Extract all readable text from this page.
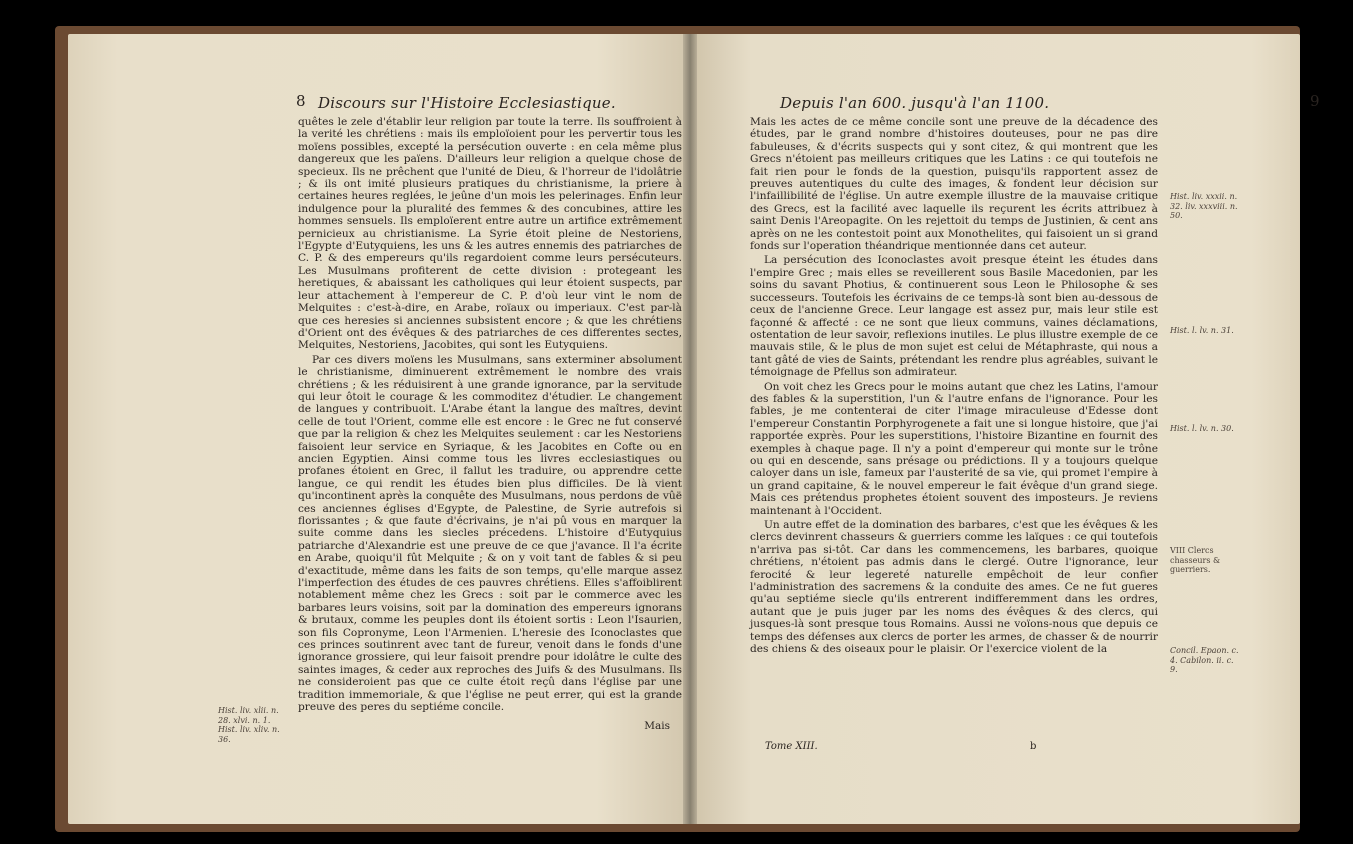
8 Discours sur l'Histoire Ecclesiastique.

quêtes le zele d'établir leur religion par toute la terre. Ils souffroient à la verité les chrétiens : mais ils emploïoient pour les pervertir tous les moïens possibles, excepté la persécution ouverte : en cela même plus dangereux que les païens. D'ailleurs leur religion a quelque chose de specieux. Ils ne prêchent que l'unité de Dieu, & l'horreur de l'idolâtrie ; & ils ont imité plusieurs pratiques du christianisme, la priere à certaines heures reglées, le jeûne d'un mois les pelerinages. Enfin leur indulgence pour la pluralité des femmes & des concubines, attire les hommes sensuels. Ils emploïerent entre autre un artifice extrêmement pernicieux au christianisme. La Syrie étoit pleine de Nestoriens, l'Egypte d'Eutyquiens, les uns & les autres ennemis des patriarches de C. P. & des empereurs qu'ils regardoient comme leurs persécuteurs. Les Musulmans profiterent de cette division : protegeant les heretiques, & abaissant les catholiques qui leur étoient suspects, par leur attachement à l'empereur de C. P. d'où leur vint le nom de Melquites : c'est-à-dire, en Arabe, roïaux ou imperiaux. C'est par-là que ces heresies si anciennes subsistent encore ; & que les chrétiens d'Orient ont des évêques & des patriarches de ces differentes sectes, Melquites, Nestoriens, Jacobites, qui sont les Eutyquiens.

Par ces divers moïens les Musulmans, sans exterminer absolument le christianisme, diminuerent extrêmement le nombre des vrais chrétiens ; & les réduisirent à une grande ignorance, par la servitude qui leur ôtoit le courage & les commoditez d'étudier. Le changement de langues y contribuoit. L'Arabe étant la langue des maîtres, devint celle de tout l'Orient, comme elle est encore : le Grec ne fut conservé que par la religion & chez les Melquites seulement : car les Nestoriens faisoient leur service en Syriaque, & les Jacobites en Cofte ou en ancien Egyptien. Ainsi comme tous les livres ecclesiastiques ou profanes étoient en Grec, il fallut les traduire, ou apprendre cette langue, ce qui rendit les études bien plus difficiles. De là vient qu'incontinent après la conquête des Musulmans, nous perdons de vûë ces anciennes églises d'Egypte, de Palestine, de Syrie autrefois si florissantes ; & que faute d'écrivains, je n'ai pû vous en marquer la suite comme dans les siecles précedens. L'histoire d'Eutyquius patriarche d'Alexandrie est une preuve de ce que j'avance. Il l'a écrite en Arabe, quoiqu'il fût Melquite ; & on y voit tant de fables & si peu d'exactitude, même dans les faits de son temps, qu'elle marque assez l'imperfection des études de ces pauvres chrétiens. Elles s'affoiblirent notablement même chez les Grecs : soit par le commerce avec les barbares leurs voisins, soit par la domination des empereurs ignorans & brutaux, comme les peuples dont ils étoient sortis : Leon l'Isaurien, son fils Copronyme, Leon l'Armenien. L'heresie des Iconoclastes que ces princes soutinrent avec tant de fureur, venoit dans le fonds d'une ignorance grossiere, qui leur faisoit prendre pour idolâtre le culte des saintes images, & ceder aux reproches des Juifs & des Musulmans. Ils ne consideroient pas que ce culte étoit reçû dans l'église par une tradition immemoriale, & que l'église ne peut errer, qui est la grande preuve des peres du septiéme concile.

Hist. liv. xlii. n. 28. xlvi. n. 1. Hist. liv. xliv. n. 36.
Mais
Depuis l'an 600. jusqu'à l'an 1100.	9

Mais les actes de ce même concile sont une preuve de la décadence des études, par le grand nombre d'histoires douteuses, pour ne pas dire fabuleuses, & d'écrits suspects qui y sont citez, & qui montrent que les Grecs n'étoient pas meilleurs critiques que les Latins : ce qui toutefois ne fait rien pour le fonds de la question, puisqu'ils rapportent assez de preuves autentiques du culte des images, & fondent leur décision sur l'infaillibilité de l'église. Un autre exemple illustre de la mauvaise critique des Grecs, est la facilité avec laquelle ils reçurent les écrits attribuez à saint Denis l'Areopagite. On les rejettoit du temps de Justinien, & cent ans après on ne les contestoit point aux Monothelites, qui faisoient un si grand fonds sur l'operation théandrique mentionnée dans cet auteur.

La persécution des Iconoclastes avoit presque éteint les études dans l'empire Grec ; mais elles se reveillerent sous Basile Macedonien, par les soins du savant Photius, & continuerent sous Leon le Philosophe & ses successeurs. Toutefois les écrivains de ce temps-là sont bien au-dessous de ceux de l'ancienne Grece. Leur langage est assez pur, mais leur stile est façonné & affecté : ce ne sont que lieux communs, vaines déclamations, ostentation de leur savoir, reflexions inutiles. Le plus illustre exemple de ce mauvais stile, & le plus de mon sujet est celui de Métaphraste, qui nous a tant gâté de vies de Saints, prétendant les rendre plus agréables, suivant le témoignage de Pfellus son admirateur.

On voit chez les Grecs pour le moins autant que chez les Latins, l'amour des fables & la superstition, l'un & l'autre enfans de l'ignorance. Pour les fables, je me contenterai de citer l'image miraculeuse d'Edesse dont l'empereur Constantin Porphyrogenete a fait une si longue histoire, que j'ai rapportée exprès. Pour les superstitions, l'histoire Bizantine en fournit des exemples à chaque page. Il n'y a point d'empereur qui monte sur le trône ou qui en descende, sans présage ou prédictions. Il y a toujours quelque caloyer dans un isle, fameux par l'austerité de sa vie, qui promet l'empire à un grand capitaine, & le nouvel empereur le fait évêque d'un grand siege. Mais ces prétendus prophetes étoient souvent des imposteurs. Je reviens maintenant à l'Occident.

Un autre effet de la domination des barbares, c'est que les évêques & les clercs devinrent chasseurs & guerriers comme les laïques : ce qui toutefois n'arriva pas si-tôt. Car dans les commencemens, les barbares, quoique chrétiens, n'étoient pas admis dans le clergé. Outre l'ignorance, leur ferocité & leur legereté naturelle empêchoit de leur confier l'administration des sacremens & la conduite des ames. Ce ne fut gueres qu'au septiéme siecle qu'ils entrerent indifferemment dans les ordres, autant que je puis juger par les noms des évêques & des clercs, qui jusques-là sont presque tous Romains. Aussi ne voïons-nous que depuis ce temps des défenses aux clercs de porter les armes, de chasser & de nourrir des chiens & des oiseaux pour le plaisir. Or l'exercice violent de la

Hist. liv. xxxii. n. 32. liv. xxxviii. n. 50.
Hist. l. lv. n. 31.
Hist. l. lv. n. 30.
VIII Clercs chasseurs & guerriers.
Concil. Epaon. c. 4. Cabilon. ii. c. 9.
Tome XIII.	b
